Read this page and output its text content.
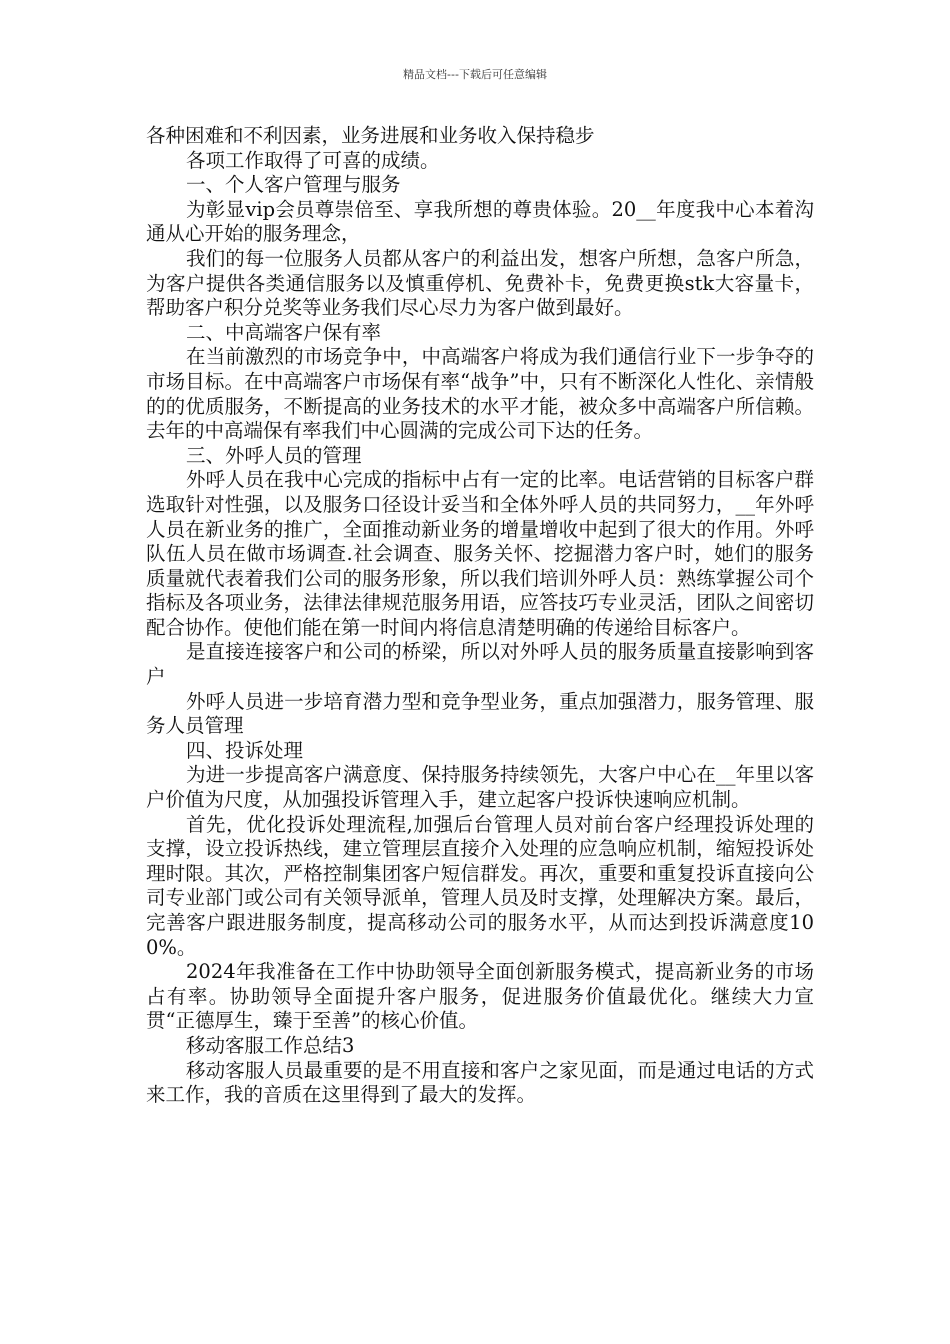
精品文档---下载后可任意编辑

各种困难和不利因素，业务进展和业务收入保持稳步

各项工作取得了可喜的成绩。

一、个人客户管理与服务

为彰显vip会员尊崇倍至、享我所想的尊贵体验。20__年度我中心本着沟通从心开始的服务理念，

我们的每一位服务人员都从客户的利益出发，想客户所想，急客户所急，为客户提供各类通信服务以及慎重停机、免费补卡，免费更换stk大容量卡，帮助客户积分兑奖等业务我们尽心尽力为客户做到最好。

二、中高端客户保有率

在当前激烈的市场竞争中，中高端客户将成为我们通信行业下一步争夺的市场目标。在中高端客户市场保有率“战争”中，只有不断深化人性化、亲情般的的优质服务，不断提高的业务技术的水平才能，被众多中高端客户所信赖。去年的中高端保有率我们中心圆满的完成公司下达的任务。

三、外呼人员的管理

外呼人员在我中心完成的指标中占有一定的比率。电话营销的目标客户群选取针对性强，以及服务口径设计妥当和全体外呼人员的共同努力，__年外呼人员在新业务的推广，全面推动新业务的增量增收中起到了很大的作用。外呼队伍人员在做市场调查.社会调查、服务关怀、挖掘潜力客户时，她们的服务质量就代表着我们公司的服务形象，所以我们培训外呼人员：熟练掌握公司个指标及各项业务，法律法律规范服务用语，应答技巧专业灵活，团队之间密切配合协作。使他们能在第一时间内将信息清楚明确的传递给目标客户。

是直接连接客户和公司的桥梁，所以对外呼人员的服务质量直接影响到客户

外呼人员进一步培育潜力型和竞争型业务，重点加强潜力，服务管理、服务人员管理

四、投诉处理

为进一步提高客户满意度、保持服务持续领先，大客户中心在__年里以客户价值为尺度，从加强投诉管理入手，建立起客户投诉快速响应机制。

首先，优化投诉处理流程,加强后台管理人员对前台客户经理投诉处理的支撑，设立投诉热线，建立管理层直接介入处理的应急响应机制，缩短投诉处理时限。其次，严格控制集团客户短信群发。再次，重要和重复投诉直接向公司专业部门或公司有关领导派单，管理人员及时支撑，处理解决方案。最后，完善客户跟进服务制度，提高移动公司的服务水平，从而达到投诉满意度100%。

2024年我准备在工作中协助领导全面创新服务模式，提高新业务的市场占有率。协助领导全面提升客户服务，促进服务价值最优化。继续大力宣贯“正德厚生，臻于至善”的核心价值。

移动客服工作总结3

移动客服人员最重要的是不用直接和客户之家见面，而是通过电话的方式来工作，我的音质在这里得到了最大的发挥。
